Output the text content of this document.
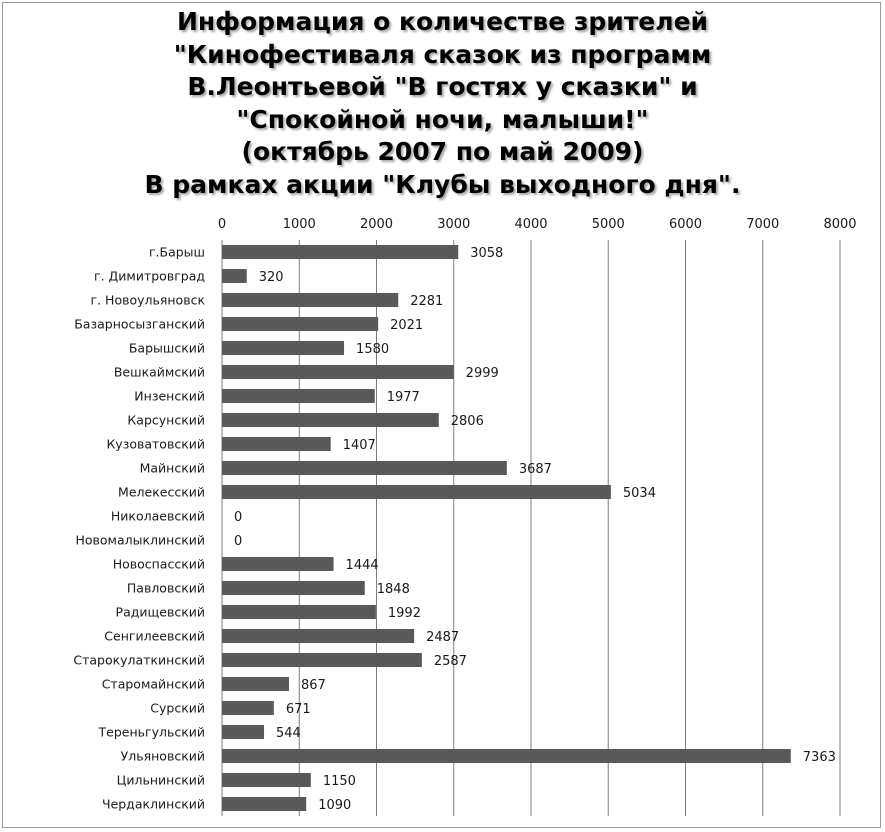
Информация о количестве зрителей
"Кинофестиваля сказок из программ
В.Леонтьевой "В гостях у сказки" и
"Спокойной ночи, малыши!"
(октябрь 2007 по май 2009)
В рамках акции "Клубы выходного дня".
0	1000	2000	3000	4000	5000	6000	7000	8000
г.Барыш
г. Димитровград
г. Новоульяновск
Базарносызганский
Барышский
Вешкаймский
Инзенский
Карсунский
Кузоватовский
Майнский
Мелекесский
Николаевский
Новомалыклинский
Новоспасский
Павловский
Радищевский
Сенгилеевский
Старокулаткинский
Старомайнский
Сурский
Тереньгульский
Ульяновский
Цильнинский
Чердаклинский
3058
320
2281
2021
1580
2999
1977
2806
1407
3687
5034
0
0
1444
1848
1992
2487
2587
867
671
544
7363
1150
1090
